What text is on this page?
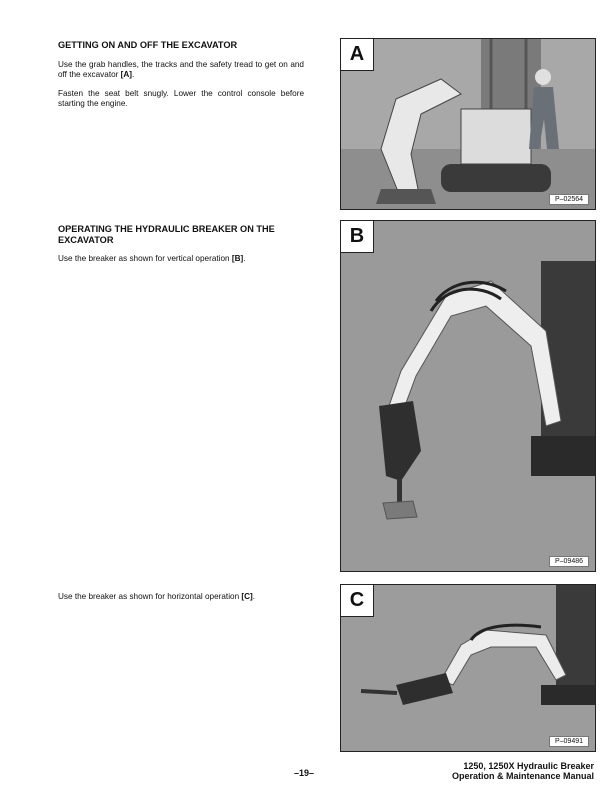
GETTING ON AND OFF THE EXCAVATOR

Use the grab handles, the tracks and the safety tread to get on and off the excavator [A].

Fasten the seat belt snugly. Lower the control console before starting the engine.

OPERATING THE HYDRAULIC BREAKER ON THE EXCAVATOR

Use the breaker as shown for vertical operation [B].

Use the breaker as shown for horizontal operation [C].

A
P–02564
B
P–09486
C
P–09491
–19–
1250, 1250X Hydraulic Breaker
Operation & Maintenance Manual
